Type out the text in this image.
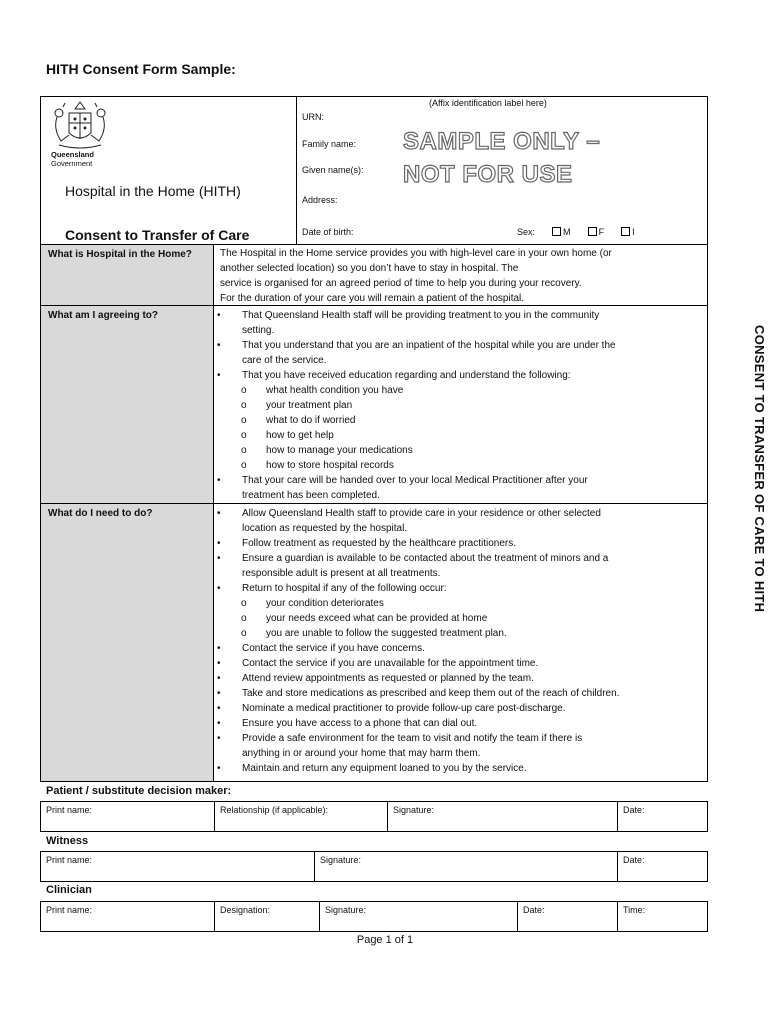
HITH Consent Form Sample:
Queensland
Government
Hospital in the Home (HITH)
Consent to Transfer of Care
(Affix identification label here)
URN:
Family name:
Given name(s):
Address:
Date of birth:
SAMPLE ONLY –
NOT FOR USE
Sex:	M	F	I
What is Hospital in the Home?	The Hospital in the Home service provides you with high-level care in your own home (or
another selected location) so you don’t have to stay in hospital. The
service is organised for an agreed period of time to help you during your recovery.
For the duration of your care you will remain a patient of the hospital.
What am I agreeing to?	• That Queensland Health staff will be providing treatment to you in the community
setting.
• That you understand that you are an inpatient of the hospital while you are under the
care of the service.
• That you have received education regarding and understand the following:
o what health condition you have
o your treatment plan
o what to do if worried
o how to get help
o how to manage your medications
o how to store hospital records
• That your care will be handed over to your local Medical Practitioner after your
treatment has been completed.
What do I need to do?	• Allow Queensland Health staff to provide care in your residence or other selected
location as requested by the hospital.
• Follow treatment as requested by the healthcare practitioners.
• Ensure a guardian is available to be contacted about the treatment of minors and a
responsible adult is present at all treatments.
• Return to hospital if any of the following occur:
o your condition deteriorates
o your needs exceed what can be provided at home
o you are unable to follow the suggested treatment plan.
• Contact the service if you have concerns.
• Contact the service if you are unavailable for the appointment time.
• Attend review appointments as requested or planned by the team.
• Take and store medications as prescribed and keep them out of the reach of children.
• Nominate a medical practitioner to provide follow-up care post-discharge.
• Ensure you have access to a phone that can dial out.
• Provide a safe environment for the team to visit and notify the team if there is
anything in or around your home that may harm them.
• Maintain and return any equipment loaned to you by the service.
CONSENT TO TRANSFER OF CARE TO HITH
Patient / substitute decision maker:
Print name:	Relationship (if applicable):	Signature:	Date:
Witness
Print name:	Signature:	Date:
Clinician
Print name:	Designation:	Signature:	Date:	Time:
Page 1 of 1
